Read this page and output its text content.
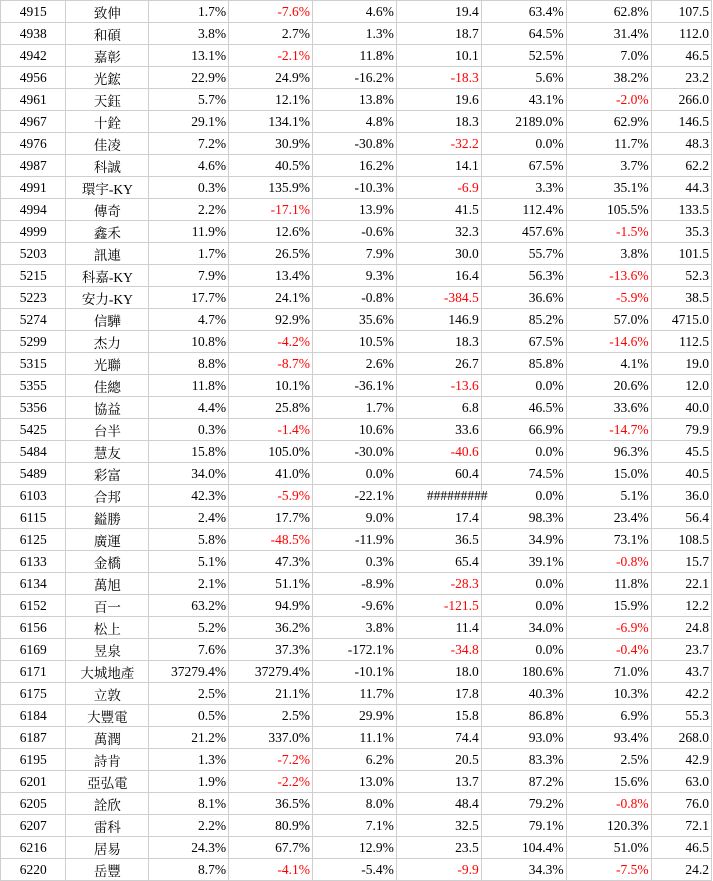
4915	致伸	1.7%	-7.6%	4.6%	19.4	63.4%	62.8%	107.5
4938	和碩	3.8%	2.7%	1.3%	18.7	64.5%	31.4%	112.0
4942	嘉彰	13.1%	-2.1%	11.8%	10.1	52.5%	7.0%	46.5
4956	光鋐	22.9%	24.9%	-16.2%	-18.3	5.6%	38.2%	23.2
4961	天鈺	5.7%	12.1%	13.8%	19.6	43.1%	-2.0%	266.0
4967	十銓	29.1%	134.1%	4.8%	18.3	2189.0%	62.9%	146.5
4976	佳凌	7.2%	30.9%	-30.8%	-32.2	0.0%	11.7%	48.3
4987	科誠	4.6%	40.5%	16.2%	14.1	67.5%	3.7%	62.2
4991	環宇-KY	0.3%	135.9%	-10.3%	-6.9	3.3%	35.1%	44.3
4994	傳奇	2.2%	-17.1%	13.9%	41.5	112.4%	105.5%	133.5
4999	鑫禾	11.9%	12.6%	-0.6%	32.3	457.6%	-1.5%	35.3
5203	訊連	1.7%	26.5%	7.9%	30.0	55.7%	3.8%	101.5
5215	科嘉-KY	7.9%	13.4%	9.3%	16.4	56.3%	-13.6%	52.3
5223	安力-KY	17.7%	24.1%	-0.8%	-384.5	36.6%	-5.9%	38.5
5274	信驊	4.7%	92.9%	35.6%	146.9	85.2%	57.0%	4715.0
5299	杰力	10.8%	-4.2%	10.5%	18.3	67.5%	-14.6%	112.5
5315	光聯	8.8%	-8.7%	2.6%	26.7	85.8%	4.1%	19.0
5355	佳總	11.8%	10.1%	-36.1%	-13.6	0.0%	20.6%	12.0
5356	協益	4.4%	25.8%	1.7%	6.8	46.5%	33.6%	40.0
5425	台半	0.3%	-1.4%	10.6%	33.6	66.9%	-14.7%	79.9
5484	慧友	15.8%	105.0%	-30.0%	-40.6	0.0%	96.3%	45.5
5489	彩富	34.0%	41.0%	0.0%	60.4	74.5%	15.0%	40.5
6103	合邦	42.3%	-5.9%	-22.1%	#########	0.0%	5.1%	36.0
6115	鎰勝	2.4%	17.7%	9.0%	17.4	98.3%	23.4%	56.4
6125	廣運	5.8%	-48.5%	-11.9%	36.5	34.9%	73.1%	108.5
6133	金橋	5.1%	47.3%	0.3%	65.4	39.1%	-0.8%	15.7
6134	萬旭	2.1%	51.1%	-8.9%	-28.3	0.0%	11.8%	22.1
6152	百一	63.2%	94.9%	-9.6%	-121.5	0.0%	15.9%	12.2
6156	松上	5.2%	36.2%	3.8%	11.4	34.0%	-6.9%	24.8
6169	昱泉	7.6%	37.3%	-172.1%	-34.8	0.0%	-0.4%	23.7
6171	大城地產	37279.4%	37279.4%	-10.1%	18.0	180.6%	71.0%	43.7
6175	立敦	2.5%	21.1%	11.7%	17.8	40.3%	10.3%	42.2
6184	大豐電	0.5%	2.5%	29.9%	15.8	86.8%	6.9%	55.3
6187	萬潤	21.2%	337.0%	11.1%	74.4	93.0%	93.4%	268.0
6195	詩肯	1.3%	-7.2%	6.2%	20.5	83.3%	2.5%	42.9
6201	亞弘電	1.9%	-2.2%	13.0%	13.7	87.2%	15.6%	63.0
6205	詮欣	8.1%	36.5%	8.0%	48.4	79.2%	-0.8%	76.0
6207	雷科	2.2%	80.9%	7.1%	32.5	79.1%	120.3%	72.1
6216	居易	24.3%	67.7%	12.9%	23.5	104.4%	51.0%	46.5
6220	岳豐	8.7%	-4.1%	-5.4%	-9.9	34.3%	-7.5%	24.2
